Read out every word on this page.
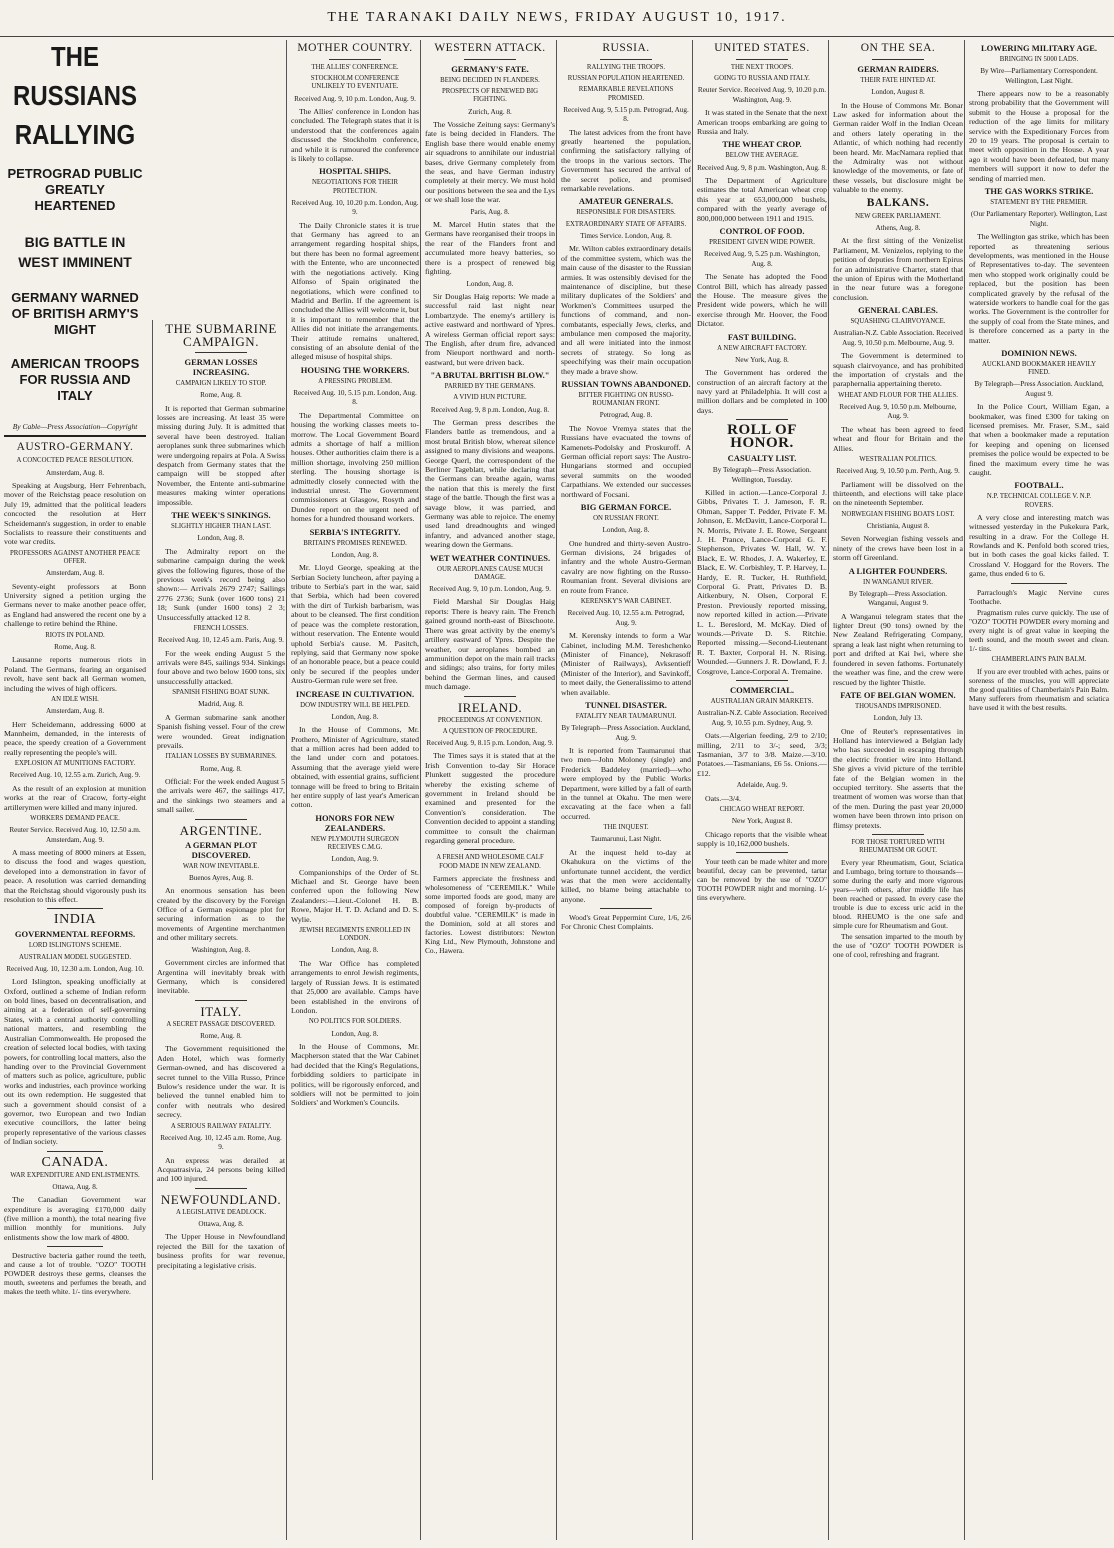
THE TARANAKI DAILY NEWS, FRIDAY AUGUST 10, 1917.
THE RUSSIANS RALLYING
PETROGRAD PUBLIC GREATLY HEARTENED
BIG BATTLE IN WEST IMMINENT
GERMANY WARNED OF BRITISH ARMY'S MIGHT
AMERICAN TROOPS FOR RUSSIA AND ITALY
By Cable—Press Association—Copyright
AUSTRO-GERMANY.
A CONCOCTED PEACE RESOLUTION.
Amsterdam, Aug. 8.

Speaking at Augsburg, Herr Fehrenbach, mover of the Reichstag peace resolution on July 19, admitted that the political leaders concocted the resolution at Herr Scheidemann's suggestion, in order to enable Socialists to reassure their constituents and vote war credits.

PROFESSORS AGAINST ANOTHER PEACE OFFER.
Amsterdam, Aug. 8.

Seventy-eight professors at Bonn University signed a petition urging the Germans never to make another peace offer, as England had answered the recent one by a challenge to retire behind the Rhine.

RIOTS IN POLAND.
Rome, Aug. 8.

Lausanne reports numerous riots in Poland. The Germans, fearing an organised revolt, have sent back all German women, including the wives of high officers.

AN IDLE WISH.
Amsterdam, Aug. 8.

Herr Scheidemann, addressing 6000 at Mannheim, demanded, in the interests of peace, the speedy creation of a Government really representing the people's will.

EXPLOSION AT MUNITIONS FACTORY.
Received Aug. 10, 12.55 a.m. Zurich, Aug. 9.

As the result of an explosion at munition works at the rear of Cracow, forty-eight artillerymen were killed and many injured.

WORKERS DEMAND PEACE.
Reuter Service. Received Aug. 10, 12.50 a.m. Amsterdam, Aug. 9.

A mass meeting of 8000 miners at Essen, to discuss the food and wages question, developed into a demonstration in favor of peace. A resolution was carried demanding that the Reichstag should vigorously push its resolution to this effect.

INDIA
GOVERNMENTAL REFORMS.
LORD ISLINGTON'S SCHEME.
AUSTRALIAN MODEL SUGGESTED.
Received Aug. 10, 12.30 a.m. London, Aug. 10.

Lord Islington, speaking unofficially at Oxford, outlined a scheme of Indian reform on bold lines, based on decentralisation, and aiming at a federation of self-governing States, with a central authority controlling national matters, and resembling the Australian Commonwealth. He proposed the creation of selected local bodies, with taxing powers, for controlling local matters, also the handing over to the Provincial Government of matters such as police, agriculture, public works and industries, each province working out its own redemption. He suggested that such a government should consist of a governor, two European and two Indian executive councillors, the latter being properly representative of the various classes of Indian society.

CANADA.
WAR EXPENDITURE AND ENLISTMENTS.
Ottawa, Aug. 8.

The Canadian Government war expenditure is averaging £170,000 daily (five million a month), the total nearing five million monthly for munitions. July enlistments show the low mark of 4800.

Destructive bacteria gather round the teeth, and cause a lot of trouble. "OZO" TOOTH POWDER destroys these germs, cleanses the mouth, sweetens and perfumes the breath, and makes the teeth white. 1/- tins everywhere.

THE SUBMARINE CAMPAIGN.
GERMAN LOSSES INCREASING.
CAMPAIGN LIKELY TO STOP.
Rome, Aug. 8.

It is reported that German submarine losses are increasing. At least 35 were missing during July. It is admitted that several have been destroyed. Italian aeroplanes sunk three submarines which were undergoing repairs at Pola. A Swiss despatch from Germany states that the campaign will be stopped after November, the Entente anti-submarine measures making winter operations impossible.

THE WEEK'S SINKINGS.
SLIGHTLY HIGHER THAN LAST.
London, Aug. 8.

The Admiralty report on the submarine campaign during the week gives the following figures, those of the previous week's record being also shown:— Arrivals 2679 2747; Sailings 2776 2736; Sunk (over 1600 tons) 21 18; Sunk (under 1600 tons) 2 3; Unsuccessfully attacked 12 8.

FRENCH LOSSES.
Received Aug. 10, 12.45 a.m. Paris, Aug. 9.

For the week ending August 5 the arrivals were 845, sailings 934. Sinkings four above and two below 1600 tons, six unsuccessfully attacked.

SPANISH FISHING BOAT SUNK.
Madrid, Aug. 8.

A German submarine sank another Spanish fishing vessel. Four of the crew were wounded. Great indignation prevails.

ITALIAN LOSSES BY SUBMARINES.
Rome, Aug. 8.

Official: For the week ended August 5 the arrivals were 467, the sailings 417, and the sinkings two steamers and a small sailer.

ARGENTINE.
A GERMAN PLOT DISCOVERED.
WAR NOW INEVITABLE.
Buenos Ayres, Aug. 8.

An enormous sensation has been created by the discovery by the Foreign Office of a German espionage plot for securing information as to the movements of Argentine merchantmen and other military secrets.

Washington, Aug. 8.

Government circles are informed that Argentina will inevitably break with Germany, which is considered inevitable.

ITALY.
A SECRET PASSAGE DISCOVERED.
Rome, Aug. 8.

The Government requisitioned the Aden Hotel, which was formerly German-owned, and has discovered a secret tunnel to the Villa Russo, Prince Bulow's residence under the war. It is believed the tunnel enabled him to confer with neutrals who desired secrecy.

A SERIOUS RAILWAY FATALITY.
Received Aug. 10, 12.45 a.m. Rome, Aug. 9.

An express was derailed at Acquatrasivia, 24 persons being killed and 100 injured.

NEWFOUNDLAND.
A LEGISLATIVE DEADLOCK.
Ottawa, Aug. 8.

The Upper House in Newfoundland rejected the Bill for the taxation of business profits for war revenue, precipitating a legislative crisis.

MOTHER COUNTRY.
THE ALLIES' CONFERENCE.
STOCKHOLM CONFERENCE UNLIKELY TO EVENTUATE.
Received Aug. 9, 10 p.m. London, Aug. 9.

The Allies' conference in London has concluded. The Telegraph states that it is understood that the conferences again discussed the Stockholm conference, and while it is rumoured the conference is likely to collapse.

HOSPITAL SHIPS.
NEGOTIATIONS FOR THEIR PROTECTION.
Received Aug. 10, 10.20 p.m. London, Aug. 9.

The Daily Chronicle states it is true that Germany has agreed to an arrangement regarding hospital ships, but there has been no formal agreement with the Entente, who are unconnected with the negotiations actively. King Alfonso of Spain originated the negotiations, which were confined to Madrid and Berlin. If the agreement is concluded the Allies will welcome it, but it is important to remember that the Allies did not initiate the arrangements. Their attitude remains unaltered, consisting of an absolute denial of the alleged misuse of hospital ships.

HOUSING THE WORKERS.
A PRESSING PROBLEM.
Received Aug. 10, 5.15 p.m. London, Aug. 8.

The Departmental Committee on housing the working classes meets to-morrow. The Local Government Board admits a shortage of half a million houses. Other authorities claim there is a million shortage, involving 250 million sterling. The housing shortage is admittedly closely connected with the industrial unrest. The Government commissioners at Glasgow, Rosyth and Dundee report on the urgent need of homes for a hundred thousand workers.

SERBIA'S INTEGRITY.
BRITAIN'S PROMISES RENEWED.
London, Aug. 8.

Mr. Lloyd George, speaking at the Serbian Society luncheon, after paying a tribute to Serbia's part in the war, said that Serbia, which had been covered with the dirt of Turkish barbarism, was about to be cleansed. The first condition of peace was the complete restoration, without reservation. The Entente would uphold Serbia's cause. M. Pasitch, replying, said that Germany now spoke of an honorable peace, but a peace could only be secured if the peoples under Austro-German rule were set free.

INCREASE IN CULTIVATION.
DOW INDUSTRY WILL BE HELPED.
London, Aug. 8.

In the House of Commons, Mr. Prothero, Minister of Agriculture, stated that a million acres had been added to the land under corn and potatoes. Assuming that the average yield were obtained, with essential grains, sufficient tonnage will be freed to bring to Britain her entire supply of last year's American cotton.

HONORS FOR NEW ZEALANDERS.
NEW PLYMOUTH SURGEON RECEIVES C.M.G.
London, Aug. 9.

Companionships of the Order of St. Michael and St. George have been conferred upon the following New Zealanders:—Lieut.-Colonel H. B. Rowe, Major H. T. D. Acland and D. S. Wylie.

JEWISH REGIMENTS ENROLLED IN LONDON.
London, Aug. 8.

The War Office has completed arrangements to enrol Jewish regiments, largely of Russian Jews. It is estimated that 25,000 are available. Camps have been established in the environs of London.

NO POLITICS FOR SOLDIERS.
London, Aug. 8.

In the House of Commons, Mr. Macpherson stated that the War Cabinet had decided that the King's Regulations, forbidding soldiers to participate in politics, will be rigorously enforced, and soldiers will not be permitted to join Soldiers' and Workmen's Councils.

WESTERN ATTACK.
GERMANY'S FATE.
BEING DECIDED IN FLANDERS.
PROSPECTS OF RENEWED BIG FIGHTING.
Zurich, Aug. 8.

The Vossiche Zeitung says: Germany's fate is being decided in Flanders. The English base there would enable enemy air squadrons to annihilate our industrial bases, drive Germany completely from the seas, and have German industry completely at their mercy. We must hold our positions between the sea and the Lys or we shall lose the war.

Paris, Aug. 8.

M. Marcel Hutin states that the Germans have reorganised their troops in the rear of the Flanders front and accumulated more heavy batteries, so there is a prospect of renewed big fighting.

London, Aug. 8.

Sir Douglas Haig reports: We made a successful raid last night near Lombartzyde. The enemy's artillery is active eastward and northward of Ypres. A wireless German official report says: The English, after drum fire, advanced from Nieuport northward and north-eastward, but were driven back.

"A BRUTAL BRITISH BLOW."
PARRIED BY THE GERMANS.
A VIVID HUN PICTURE.
Received Aug. 9, 8 p.m. London, Aug. 8.

The German press describes the Flanders battle as tremendous, and a most brutal British blow, whereat silence assigned to many divisions and weapons. George Querl, the correspondent of the Berliner Tageblatt, while declaring that the Germans can breathe again, warns the nation that this is merely the first stage of the battle. Though the first was a savage blow, it was parried, and Germany was able to rejoice. The enemy used land dreadnoughts and winged infantry, and advanced another stage, wearing down the Germans.

WET WEATHER CONTINUES.
OUR AEROPLANES CAUSE MUCH DAMAGE.
Received Aug. 9, 10 p.m. London, Aug. 9.

Field Marshal Sir Douglas Haig reports: There is heavy rain. The French gained ground north-east of Bixschoote. There was great activity by the enemy's artillery eastward of Ypres. Despite the weather, our aeroplanes bombed an ammunition depot on the main rail tracks and sidings; also trains, for forty miles behind the German lines, and caused much damage.

IRELAND.
PROCEEDINGS AT CONVENTION.
A QUESTION OF PROCEDURE.
Received Aug. 9, 8.15 p.m. London, Aug. 9.

The Times says it is stated that at the Irish Convention to-day Sir Horace Plunkett suggested the procedure whereby the existing scheme of government in Ireland should be examined and presented for the Convention's consideration. The Convention decided to appoint a standing committee to consult the chairman regarding general procedure.

A FRESH AND WHOLESOME CALF FOOD MADE IN NEW ZEALAND.

Farmers appreciate the freshness and wholesomeness of "CEREMILK." While some imported foods are good, many are composed of foreign by-products of doubtful value. "CEREMILK" is made in the Dominion, sold at all stores and factories. Lowest distributors: Newton King Ltd., New Plymouth, Johnstone and Co., Hawera.

RUSSIA.
RALLYING THE TROOPS.
RUSSIAN POPULATION HEARTENED.
REMARKABLE REVELATIONS PROMISED.
Received Aug. 9, 5.15 p.m. Petrograd, Aug. 8.

The latest advices from the front have greatly heartened the population, confirming the satisfactory rallying of the troops in the various sectors. The Government has secured the arrival of the secret police, and promised remarkable revelations.

AMATEUR GENERALS.
RESPONSIBLE FOR DISASTERS.
EXTRAORDINARY STATE OF AFFAIRS.
Times Service. London, Aug. 8.

Mr. Wilton cables extraordinary details of the committee system, which was the main cause of the disaster to the Russian armies. It was ostensibly devised for the maintenance of discipline, but these military duplicates of the Soldiers' and Workmen's Committees usurped the functions of command, and non-combatants, especially Jews, clerks, and ambulance men composed the majority, and all were initiated into the inmost secrets of strategy. So long as speechifying was their main occupation they made a brave show.

RUSSIAN TOWNS ABANDONED.
BITTER FIGHTING ON RUSSO-ROUMANIAN FRONT.
Petrograd, Aug. 8.

The Novoe Vremya states that the Russians have evacuated the towns of Kamenets-Podolsky and Proskuroff. A German official report says: The Austro-Hungarians stormed and occupied several summits on the wooded Carpathians. We extended our successes northward of Focsani.

BIG GERMAN FORCE.
ON RUSSIAN FRONT.
London, Aug. 8.

One hundred and thirty-seven Austro-German divisions, 24 brigades of infantry and the whole Austro-German cavalry are now fighting on the Russo-Roumanian front. Several divisions are en route from France.

KERENSKY'S WAR CABINET.
Received Aug. 10, 12.55 a.m. Petrograd, Aug. 9.

M. Kerensky intends to form a War Cabinet, including M.M. Tereshchenko (Minister of Finance), Nekrasoff (Minister of Railways), Avksentieff (Minister of the Interior), and Savinkoff, to meet daily, the Generalissimo to attend when available.

TUNNEL DISASTER.
FATALITY NEAR TAUMARUNUI.
By Telegraph—Press Association. Auckland, Aug. 9.

It is reported from Taumarunui that two men—John Moloney (single) and Frederick Baddeley (married)—who were employed by the Public Works Department, were killed by a fall of earth in the tunnel at Okahu. The men were excavating at the face when a fall occurred.

THE INQUEST.
Taumarunui, Last Night.

At the inquest held to-day at Okahukura on the victims of the unfortunate tunnel accident, the verdict was that the men were accidentally killed, no blame being attachable to anyone.

Wood's Great Peppermint Cure, 1/6, 2/6 For Chronic Chest Complaints.

UNITED STATES.
THE NEXT TROOPS.
GOING TO RUSSIA AND ITALY.
Reuter Service. Received Aug. 9, 10.20 p.m. Washington, Aug. 9.

It was stated in the Senate that the next American troops embarking are going to Russia and Italy.

THE WHEAT CROP.
BELOW THE AVERAGE.
Received Aug. 9, 8 p.m. Washington, Aug. 8.

The Department of Agriculture estimates the total American wheat crop this year at 653,000,000 bushels, compared with the yearly average of 800,000,000 between 1911 and 1915.

CONTROL OF FOOD.
PRESIDENT GIVEN WIDE POWER.
Received Aug. 9, 5.25 p.m. Washington, Aug. 8.

The Senate has adopted the Food Control Bill, which has already passed the House. The measure gives the President wide powers, which he will exercise through Mr. Hoover, the Food Dictator.

FAST BUILDING.
A NEW AIRCRAFT FACTORY.
New York, Aug. 8.

The Government has ordered the construction of an aircraft factory at the navy yard at Philadelphia. It will cost a million dollars and be completed in 100 days.

ROLL OF HONOR.
CASUALTY LIST.
By Telegraph—Press Association. Wellington, Tuesday.

Killed in action.—Lance-Corporal J. Gibbs, Privates T. J. Jameson, F. R. Ohman, Sapper T. Pedder, Private F. M. Johnson, E. McDavitt, Lance-Corporal L. N. Morris, Private J. E. Rowe, Sergeant J. H. Prance, Lance-Corporal G. F. Stephenson, Privates W. Hall, W. Y. Black, E. W. Rhodes, J. A. Wakerley, E. Black, E. W. Corbishley, T. P. Harvey, L. Hardy, E. R. Tucker, H. Ruthfield, Corporal G. Pratt, Privates D. B. Aitkenbury, N. Olsen, Corporal F. Preston. Previously reported missing, now reported killed in action.—Private L. L. Bereslord, M. McKay. Died of wounds.—Private D. S. Ritchie. Reported missing.—Second-Lieutenant R. T. Baxter, Corporal H. N. Rising. Wounded.—Gunners J. R. Dowland, F. J. Cosgrove, Lance-Corporal A. Tremaine.

COMMERCIAL.
AUSTRALIAN GRAIN MARKETS.
Australian-N.Z. Cable Association. Received Aug. 9, 10.55 p.m. Sydney, Aug. 9.

Oats.—Algerian feeding, 2/9 to 2/10; milling, 2/11 to 3/-; seed, 3/3; Tasmanian, 3/7 to 3/8. Maize.—3/10. Potatoes.—Tasmanians, £6 5s. Onions.—£12.

Adelaide, Aug. 9.

Oats.—3/4.

CHICAGO WHEAT REPORT.
New York, August 8.

Chicago reports that the visible wheat supply is 10,162,000 bushels.

Your teeth can be made whiter and more beautiful, decay can be prevented, tartar can be removed by the use of "OZO" TOOTH POWDER night and morning. 1/- tins everywhere.

ON THE SEA.
GERMAN RAIDERS.
THEIR FATE HINTED AT.
London, August 8.

In the House of Commons Mr. Bonar Law asked for information about the German raider Wolf in the Indian Ocean and others lately operating in the Atlantic, of which nothing had recently been heard. Mr. MacNamara replied that the Admiralty was not without knowledge of the movements, or fate of these vessels, but disclosure might be valuable to the enemy.

BALKANS.
NEW GREEK PARLIAMENT.
Athens, Aug. 8.

At the first sitting of the Venizelist Parliament, M. Venizelos, replying to the petition of deputies from northern Epirus for an administrative Charter, stated that the union of Epirus with the Motherland in the near future was a foregone conclusion.

GENERAL CABLES.
SQUASHING CLAIRVOYANCE.
Australian-N.Z. Cable Association. Received Aug. 9, 10.50 p.m. Melbourne, Aug. 9.

The Government is determined to squash clairvoyance, and has prohibited the importation of crystals and the paraphernalia appertaining thereto.

WHEAT AND FLOUR FOR THE ALLIES.
Received Aug. 9, 10.50 p.m. Melbourne, Aug. 9.

The wheat has been agreed to feed wheat and flour for Britain and the Allies.

WESTRALIAN POLITICS.
Received Aug. 9, 10.50 p.m. Perth, Aug. 9.

Parliament will be dissolved on the thirteenth, and elections will take place on the nineteenth September.

NORWEGIAN FISHING BOATS LOST.
Christiania, August 8.

Seven Norwegian fishing vessels and ninety of the crews have been lost in a storm off Greenland.

A LIGHTER FOUNDERS.
IN WANGANUI RIVER.
By Telegraph—Press Association. Wanganui, August 9.

A Wanganui telegram states that the lighter Dreut (90 tons) owned by the New Zealand Refrigerating Company, sprang a leak last night when returning to port and drifted at Kai Iwi, where she foundered in seven fathoms. Fortunately the weather was fine, and the crew were rescued by the lighter Thistle.

FATE OF BELGIAN WOMEN.
THOUSANDS IMPRISONED.
London, July 13.

One of Reuter's representatives in Holland has interviewed a Belgian lady who has succeeded in escaping through the electric frontier wire into Holland. She gives a vivid picture of the terrible fate of the Belgian women in the occupied territory. She asserts that the treatment of women was worse than that of the men. During the past year 20,000 women have been thrown into prison on flimsy pretexts.

FOR THOSE TORTURED WITH RHEUMATISM OR GOUT.

Every year Rheumatism, Gout, Sciatica and Lumbago, bring torture to thousands—some during the early and more vigorous years—with others, after middle life has been reached or passed. In every case the trouble is due to excess uric acid in the blood. RHEUMO is the one safe and simple cure for Rheumatism and Gout.

The sensation imparted to the mouth by the use of "OZO" TOOTH POWDER is one of cool, refreshing and fragrant.

LOWERING MILITARY AGE.
BRINGING IN 5000 LADS.
By Wire—Parliamentary Correspondent. Wellington, Last Night.

There appears now to be a reasonably strong probability that the Government will submit to the House a proposal for the reduction of the age limits for military service with the Expeditionary Forces from 20 to 19 years. The proposal is certain to meet with opposition in the House. A year ago it would have been defeated, but many members will support it now to defer the sending of married men.

THE GAS WORKS STRIKE.
STATEMENT BY THE PREMIER.
(Our Parliamentary Reporter). Wellington, Last Night.

The Wellington gas strike, which has been reported as threatening serious developments, was mentioned in the House of Representatives to-day. The seventeen men who stopped work originally could be replaced, but the position has been complicated gravely by the refusal of the waterside workers to handle coal for the gas works. The Government is the controller for the supply of coal from the State mines, and is therefore concerned as a party in the matter.

DOMINION NEWS.
AUCKLAND BOOKMAKER HEAVILY FINED.
By Telegraph—Press Association. Auckland, August 9.

In the Police Court, William Egan, a bookmaker, was fined £300 for taking on licensed premises. Mr. Fraser, S.M., said that when a bookmaker made a reputation for keeping and opening on licensed premises the police would be expected to be fined the maximum every time he was caught.

FOOTBALL.
N.P. TECHNICAL COLLEGE V. N.P. ROVERS.

A very close and interesting match was witnessed yesterday in the Pukekura Park, resulting in a draw. For the College H. Rowlands and K. Penfold both scored tries, but in both cases the goal kicks failed. T. Crossland V. Hoggard for the Rovers. The game, thus ended 6 to 6.

Parraclough's Magic Nervine cures Toothache.

Pragmatism rules curve quickly. The use of "OZO" TOOTH POWDER every morning and every night is of great value in keeping the teeth sound, and the mouth sweet and clean. 1/- tins.

CHAMBERLAIN'S PAIN BALM.

If you are ever troubled with aches, pains or soreness of the muscles, you will appreciate the good qualities of Chamberlain's Pain Balm. Many sufferers from rheumatism and sciatica have used it with the best results.
